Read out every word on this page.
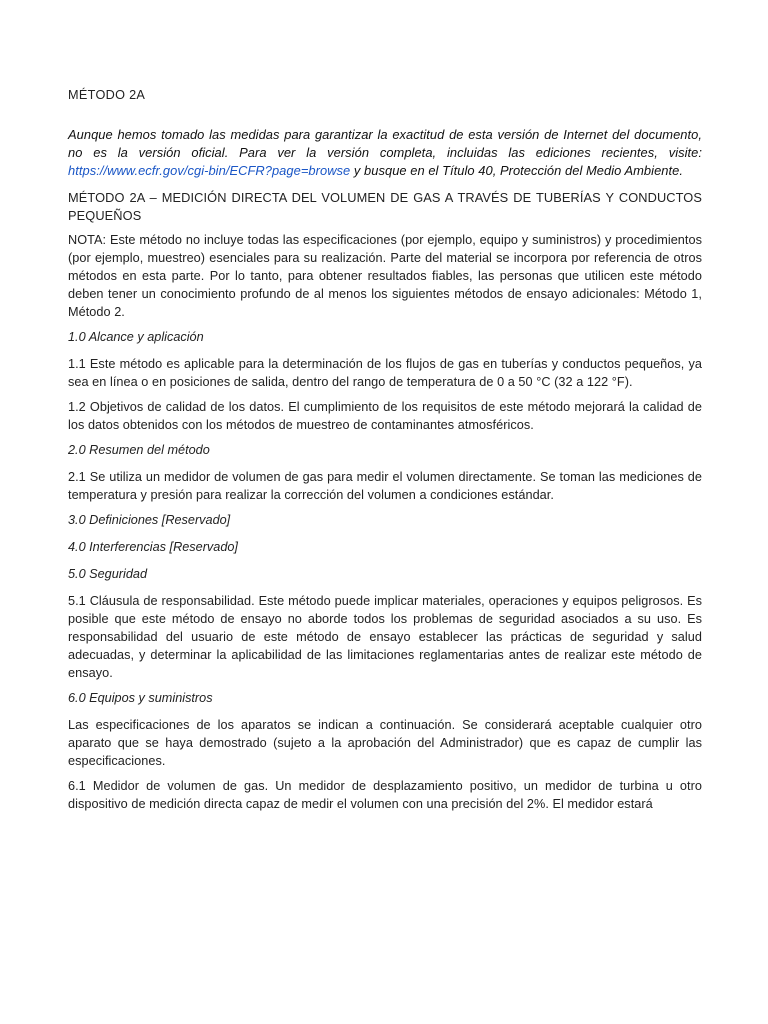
MÉTODO 2A

Aunque hemos tomado las medidas para garantizar la exactitud de esta versión de Internet del documento, no es la versión oficial. Para ver la versión completa, incluidas las ediciones recientes, visite: https://www.ecfr.gov/cgi-bin/ECFR?page=browse y busque en el Título 40, Protección del Medio Ambiente.

MÉTODO 2A – MEDICIÓN DIRECTA DEL VOLUMEN DE GAS A TRAVÉS DE TUBERÍAS Y CONDUCTOS PEQUEÑOS

NOTA: Este método no incluye todas las especificaciones (por ejemplo, equipo y suministros) y procedimientos (por ejemplo, muestreo) esenciales para su realización. Parte del material se incorpora por referencia de otros métodos en esta parte. Por lo tanto, para obtener resultados fiables, las personas que utilicen este método deben tener un conocimiento profundo de al menos los siguientes métodos de ensayo adicionales: Método 1, Método 2.

1.0 Alcance y aplicación

1.1 Este método es aplicable para la determinación de los flujos de gas en tuberías y conductos pequeños, ya sea en línea o en posiciones de salida, dentro del rango de temperatura de 0 a 50 °C (32 a 122 °F).

1.2 Objetivos de calidad de los datos. El cumplimiento de los requisitos de este método mejorará la calidad de los datos obtenidos con los métodos de muestreo de contaminantes atmosféricos.

2.0 Resumen del método

2.1 Se utiliza un medidor de volumen de gas para medir el volumen directamente. Se toman las mediciones de temperatura y presión para realizar la corrección del volumen a condiciones estándar.

3.0 Definiciones [Reservado]

4.0 Interferencias [Reservado]

5.0 Seguridad

5.1 Cláusula de responsabilidad. Este método puede implicar materiales, operaciones y equipos peligrosos. Es posible que este método de ensayo no aborde todos los problemas de seguridad asociados a su uso. Es responsabilidad del usuario de este método de ensayo establecer las prácticas de seguridad y salud adecuadas, y determinar la aplicabilidad de las limitaciones reglamentarias antes de realizar este método de ensayo.

6.0 Equipos y suministros

Las especificaciones de los aparatos se indican a continuación. Se considerará aceptable cualquier otro aparato que se haya demostrado (sujeto a la aprobación del Administrador) que es capaz de cumplir las especificaciones.

6.1 Medidor de volumen de gas. Un medidor de desplazamiento positivo, un medidor de turbina u otro dispositivo de medición directa capaz de medir el volumen con una precisión del 2%. El medidor estará
